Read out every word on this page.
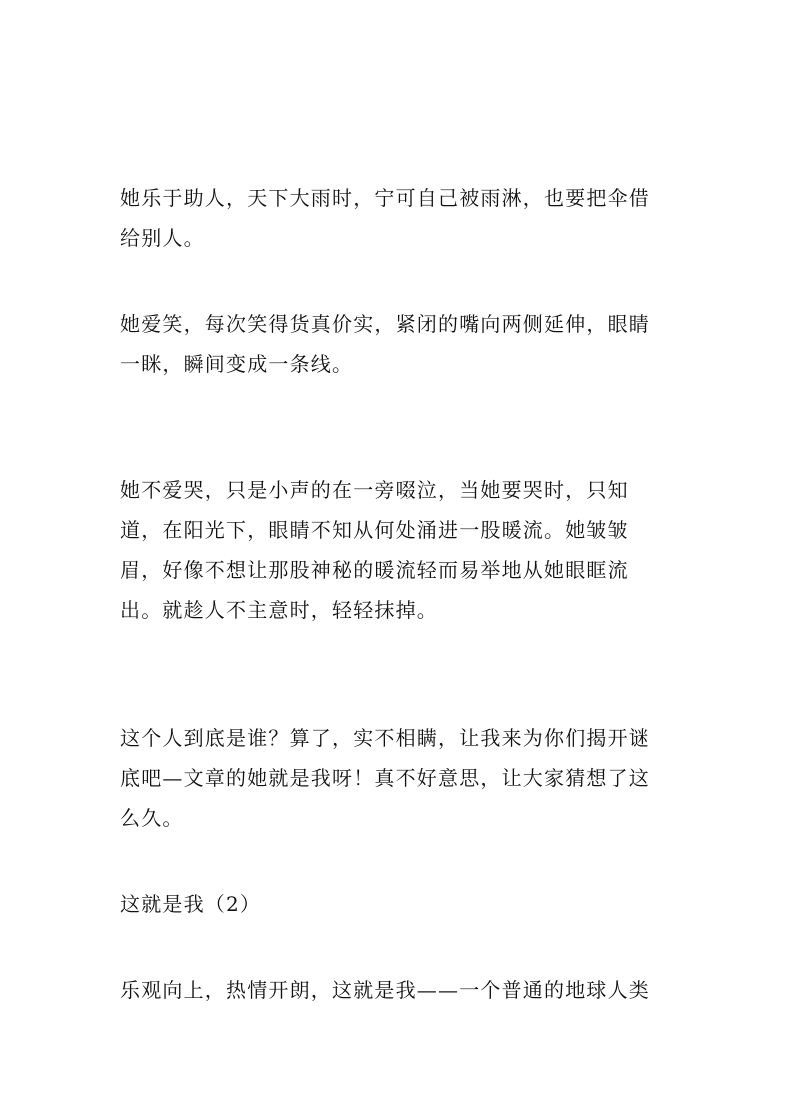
她乐于助人，天下大雨时，宁可自己被雨淋，也要把伞借给别人。

她爱笑，每次笑得货真价实，紧闭的嘴向两侧延伸，眼睛一眯，瞬间变成一条线。

她不爱哭，只是小声的在一旁啜泣，当她要哭时，只知道，在阳光下，眼睛不知从何处涌进一股暖流。她皱皱眉，好像不想让那股神秘的暖流轻而易举地从她眼眶流出。就趁人不主意时，轻轻抹掉。

这个人到底是谁？算了，实不相瞒，让我来为你们揭开谜底吧—文章的她就是我呀！真不好意思，让大家猜想了这么久。

这就是我（2）

乐观向上，热情开朗，这就是我——一个普通的地球人类
